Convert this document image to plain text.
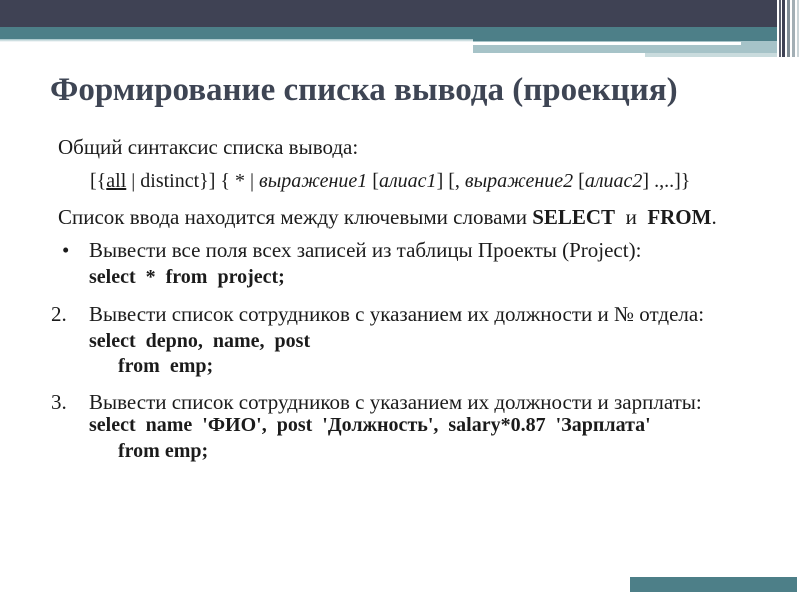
Формирование списка вывода (проекция)
Общий синтаксис списка вывода:
[{all | distinct}] { * | выражение1 [алиас1] [, выражение2 [алиас2] .,..]}
Список ввода находится между ключевыми словами SELECT  и  FROM.
• Вывести все поля всех записей из таблицы Проекты (Project):
select  *  from  project;
2. Вывести список сотрудников с указанием их должности и № отдела:
select  depno,  name,  post
from  emp;
3. Вывести список сотрудников с указанием их должности и зарплаты:
select  name  'ФИО',  post  'Должность',  salary*0.87  'Зарплата'
from emp;
